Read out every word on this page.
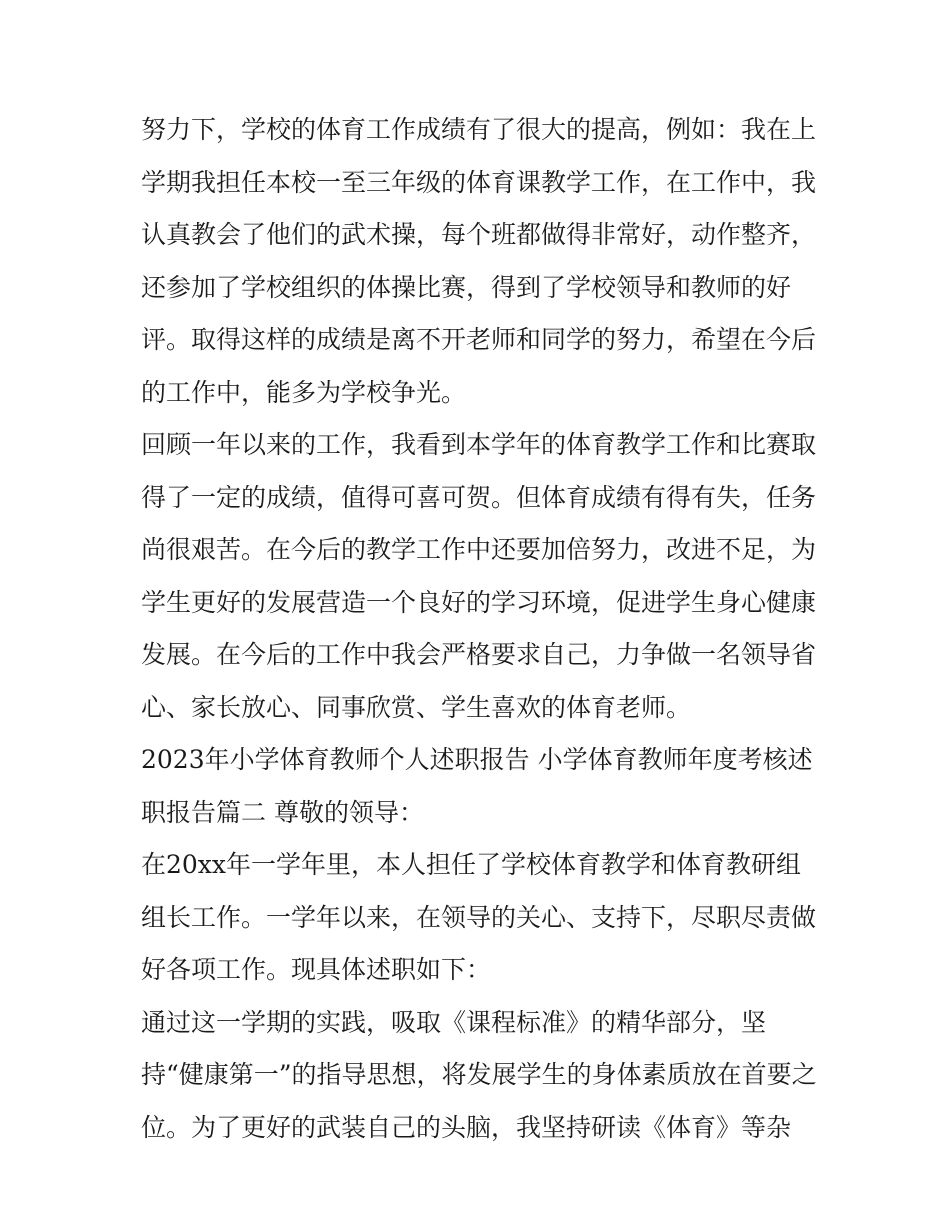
努力下，学校的体育工作成绩有了很大的提高，例如：我在上
学期我担任本校一至三年级的体育课教学工作，在工作中，我
认真教会了他们的武术操，每个班都做得非常好，动作整齐，
还参加了学校组织的体操比赛，得到了学校领导和教师的好
评。取得这样的成绩是离不开老师和同学的努力，希望在今后
的工作中，能多为学校争光。
回顾一年以来的工作，我看到本学年的体育教学工作和比赛取
得了一定的成绩，值得可喜可贺。但体育成绩有得有失，任务
尚很艰苦。在今后的教学工作中还要加倍努力，改进不足，为
学生更好的发展营造一个良好的学习环境，促进学生身心健康
发展。在今后的工作中我会严格要求自己，力争做一名领导省
心、家长放心、同事欣赏、学生喜欢的体育老师。
2023年小学体育教师个人述职报告 小学体育教师年度考核述
职报告篇二 尊敬的领导：
在20xx年一学年里，本人担任了学校体育教学和体育教研组
组长工作。一学年以来，在领导的关心、支持下，尽职尽责做
好各项工作。现具体述职如下：
通过这一学期的实践，吸取《课程标准》的精华部分，坚
持“健康第一”的指导思想，将发展学生的身体素质放在首要之
位。为了更好的武装自己的头脑，我坚持研读《体育》等杂
